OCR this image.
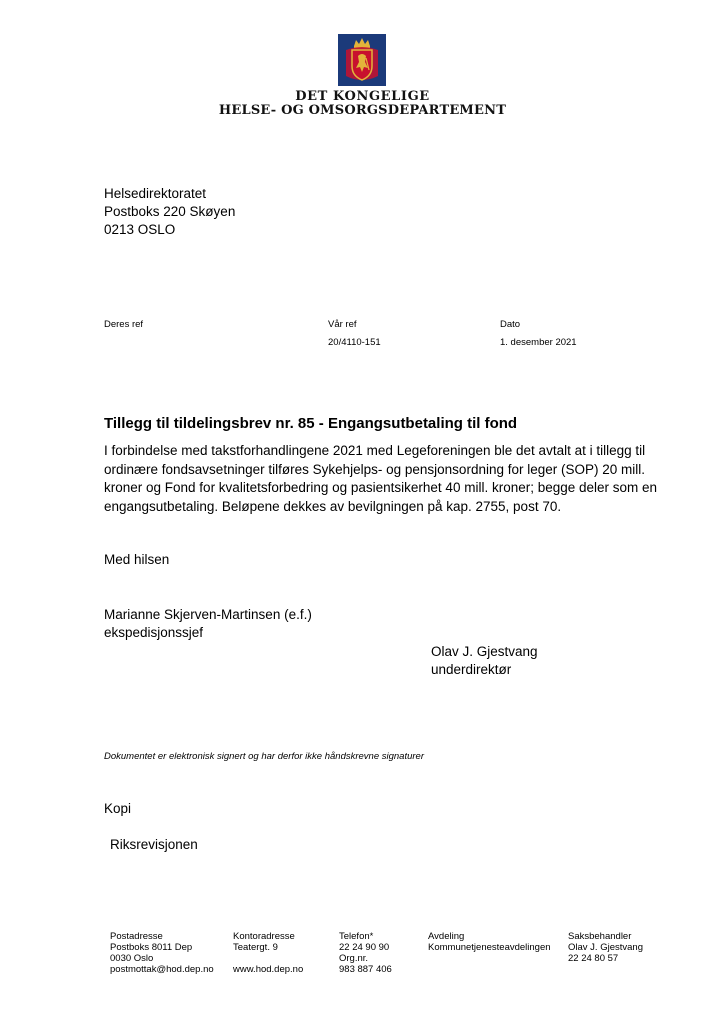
DET KONGELIGE
HELSE- OG OMSORGSDEPARTEMENT
Helsedirektoratet
Postboks 220 Skøyen
0213 OSLO
Deres ref	Vår ref
20/4110-151
Dato
1. desember 2021
Tillegg til tildelingsbrev nr. 85 - Engangsutbetaling til fond
I forbindelse med takstforhandlingene 2021 med Legeforeningen ble det avtalt at i tillegg til
ordinære fondsavsetninger tilføres Sykehjelps- og pensjonsordning for leger (SOP) 20 mill.
kroner og Fond for kvalitetsforbedring og pasientsikerhet 40 mill. kroner; begge deler som en
engangsutbetaling. Beløpene dekkes av bevilgningen på kap. 2755, post 70.
Med hilsen
Marianne Skjerven-Martinsen (e.f.)
ekspedisjonssjef
Olav J. Gjestvang
underdirektør
Dokumentet er elektronisk signert og har derfor ikke håndskrevne signaturer
Kopi
Riksrevisjonen
Postadresse
Postboks 8011 Dep
0030 Oslo
postmottak@hod.dep.no
Kontoradresse
Teatergt. 9
www.hod.dep.no
Telefon*
22 24 90 90
Org.nr.
983 887 406
Avdeling
Kommunetjenesteavdelingen
Saksbehandler
Olav J. Gjestvang
22 24 80 57
